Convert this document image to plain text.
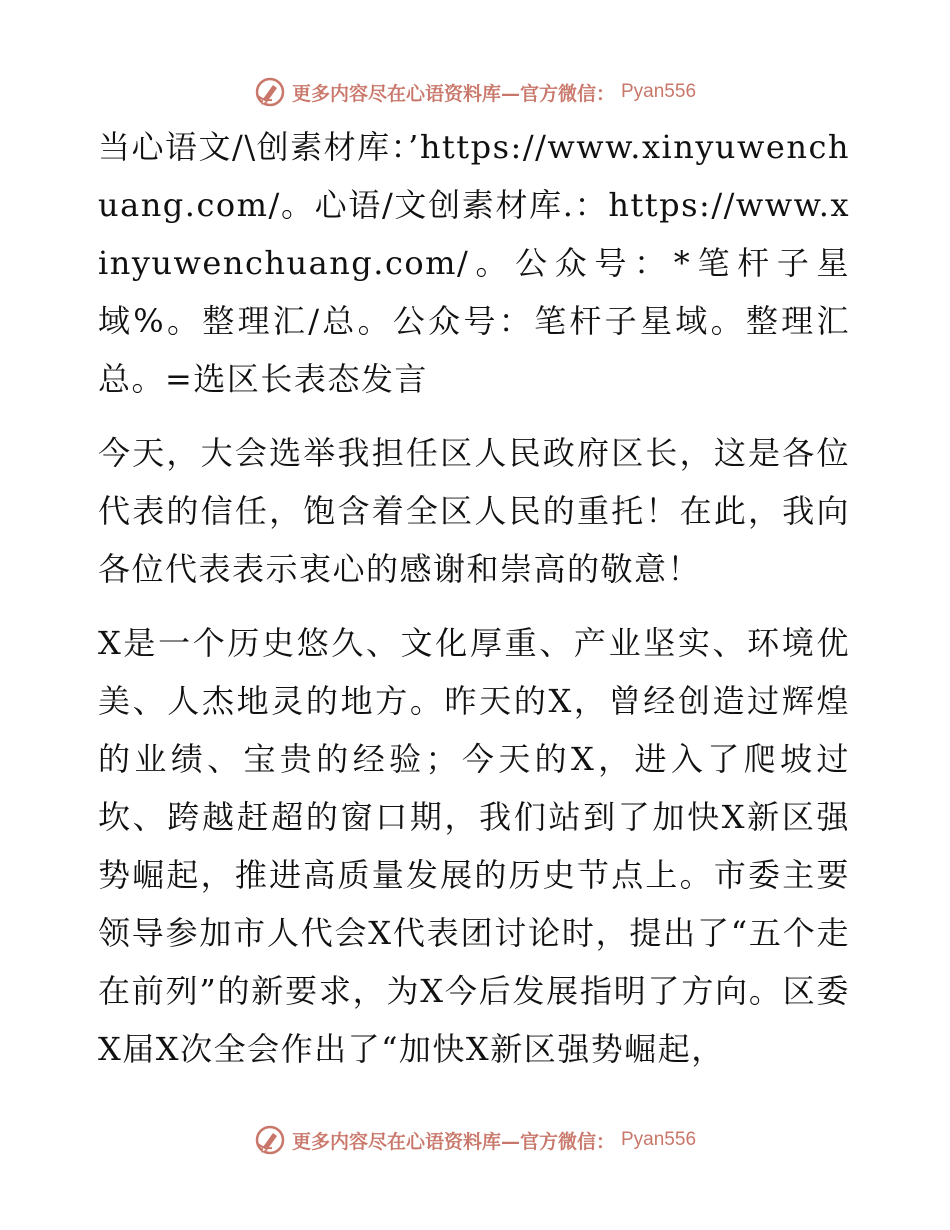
更多内容尽在心语资料库—官方微信： Pyan556

当心语文/\创素材库：’https://www.xinyuwenchuang.com/。心语/文创素材库.：https://www.xinyuwenchuang.com/。公众号：*笔杆子星域%。整理汇/总。公众号：笔杆子星域。整理汇总。=选区长表态发言

今天，大会选举我担任区人民政府区长，这是各位代表的信任，饱含着全区人民的重托！在此，我向各位代表表示衷心的感谢和崇高的敬意！

X是一个历史悠久、文化厚重、产业坚实、环境优美、人杰地灵的地方。昨天的X，曾经创造过辉煌的业绩、宝贵的经验；今天的X，进入了爬坡过坎、跨越赶超的窗口期，我们站到了加快X新区强势崛起，推进高质量发展的历史节点上。市委主要领导参加市人代会X代表团讨论时，提出了“五个走在前列”的新要求，为X今后发展指明了方向。区委X届X次全会作出了“加快X新区强势崛起，

更多内容尽在心语资料库—官方微信： Pyan556
